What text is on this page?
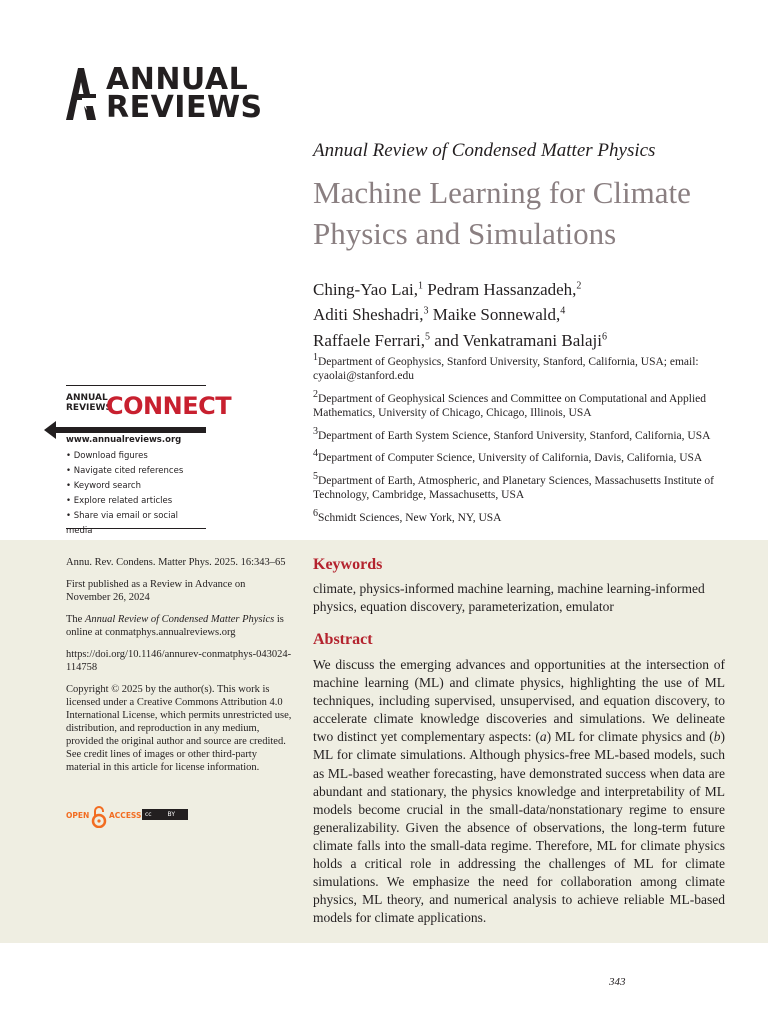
ANNUAL
REVIEWS
Annual Review of Condensed Matter Physics
Machine Learning for Climate Physics and Simulations
Ching-Yao Lai,$^1$ Pedram Hassanzadeh,$^2$
Aditi Sheshadri,$^3$ Maike Sonnewald,$^4$
Raffaele Ferrari,$^5$ and Venkatramani Balaji$^6$
$^1$Department of Geophysics, Stanford University, Stanford, California, USA; email: cyaolai@stanford.edu
$^2$Department of Geophysical Sciences and Committee on Computational and Applied Mathematics, University of Chicago, Chicago, Illinois, USA
$^3$Department of Earth System Science, Stanford University, Stanford, California, USA
$^4$Department of Computer Science, University of California, Davis, California, USA
$^5$Department of Earth, Atmospheric, and Planetary Sciences, Massachusetts Institute of Technology, Cambridge, Massachusetts, USA
$^6$Schmidt Sciences, New York, NY, USA
ANNUAL
REVIEWS
CONNECT
www.annualreviews.org
• Download figures
• Navigate cited references
• Keyword search
• Explore related articles
• Share via email or social media

Annu. Rev. Condens. Matter Phys. 2025. 16:343–65

First published as a Review in Advance on November 26, 2024

The Annual Review of Condensed Matter Physics is online at conmatphys.annualreviews.org

https://doi.org/10.1146/annurev-conmatphys-043024-114758

Copyright © 2025 by the author(s). This work is licensed under a Creative Commons Attribution 4.0 International License, which permits unrestricted use, distribution, and reproduction in any medium, provided the original author and source are credited. See credit lines of images or other third-party material in this article for license information.

OPEN	ACCESS cc	BY
Keywords
climate, physics-informed machine learning, machine learning-informed physics, equation discovery, parameterization, emulator
Abstract
We discuss the emerging advances and opportunities at the intersection of machine learning (ML) and climate physics, highlighting the use of ML techniques, including supervised, unsupervised, and equation discovery, to accelerate climate knowledge discoveries and simulations. We delineate two distinct yet complementary aspects: (a) ML for climate physics and (b) ML for climate simulations. Although physics-free ML-based models, such as ML-based weather forecasting, have demonstrated success when data are abundant and stationary, the physics knowledge and interpretability of ML models become crucial in the small-data/nonstationary regime to ensure generalizability. Given the absence of observations, the long-term future climate falls into the small-data regime. Therefore, ML for climate physics holds a critical role in addressing the challenges of ML for climate simulations. We emphasize the need for collaboration among climate physics, ML theory, and numerical analysis to achieve reliable ML-based models for climate applications.
343
